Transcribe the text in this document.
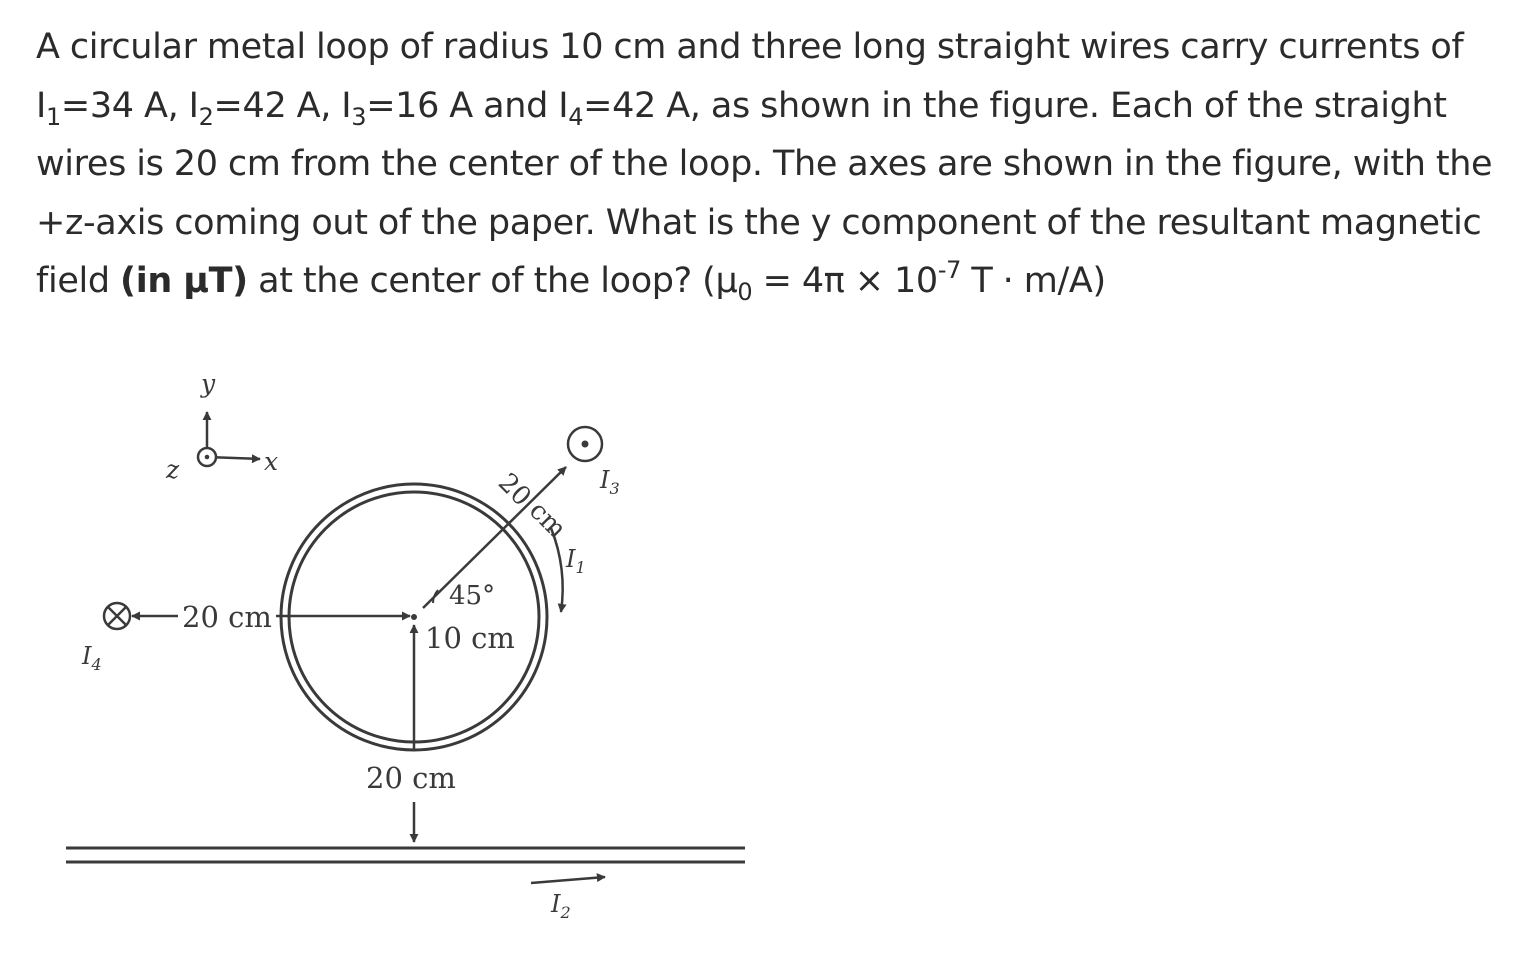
A circular metal loop of radius 10 cm and three long straight wires carry currents of
$I_1=34$ A, $I_2=42$ A, $I_3=16$ A and $I_4=42$ A, as shown in the figure. Each of the straight
wires is 20 cm from the center of the loop. The axes are shown in the figure, with the
+z-axis coming out of the paper. What is the y component of the resultant magnetic
field (in μT) at the center of the loop? ($\mu_0 = 4\pi \times 10^{-7}$ T · m/A)
y
x
z
$I_1$
20 cm
$I_4$
45°
20
cm
$I_3$
10 cm
20 cm
$I_2$
